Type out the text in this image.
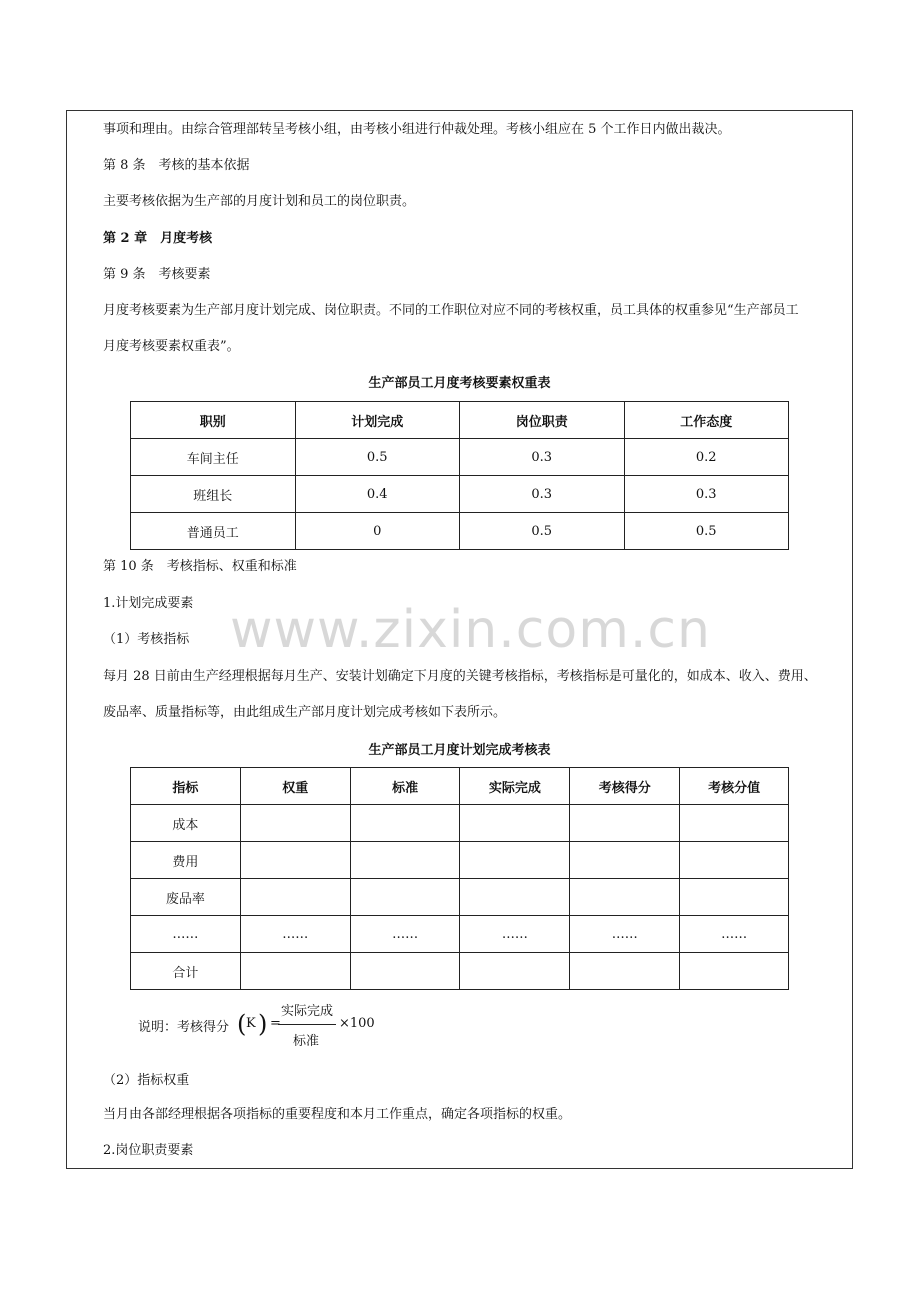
事项和理由。由综合管理部转呈考核小组，由考核小组进行仲裁处理。考核小组应在 5 个工作日内做出裁决。
第 8 条　考核的基本依据
主要考核依据为生产部的月度计划和员工的岗位职责。
第 2 章　月度考核
第 9 条　考核要素
月度考核要素为生产部月度计划完成、岗位职责。不同的工作职位对应不同的考核权重，员工具体的权重参见“生产部员工
月度考核要素权重表”。
生产部员工月度考核要素权重表
职别	计划完成	岗位职责	工作态度
车间主任	0.5	0.3	0.2
班组长	0.4	0.3	0.3
普通员工	0	0.5	0.5
第 10 条　考核指标、权重和标准
1.计划完成要素
（1）考核指标 www.zixin.com.cn
每月 28 日前由生产经理根据每月生产、安装计划确定下月度的关键考核指标，考核指标是可量化的，如成本、收入、费用、
废品率、质量指标等，由此组成生产部月度计划完成考核如下表所示。
生产部员工月度计划完成考核表
指标	权重	标准	实际完成	考核得分	考核分值
成本					
费用					
废品率					
……	……	……	……	……	……
合计					
说明：考核得分 ( K ) =
实际完成
标准
×100
（2）指标权重
当月由各部经理根据各项指标的重要程度和本月工作重点，确定各项指标的权重。
2.岗位职责要素
